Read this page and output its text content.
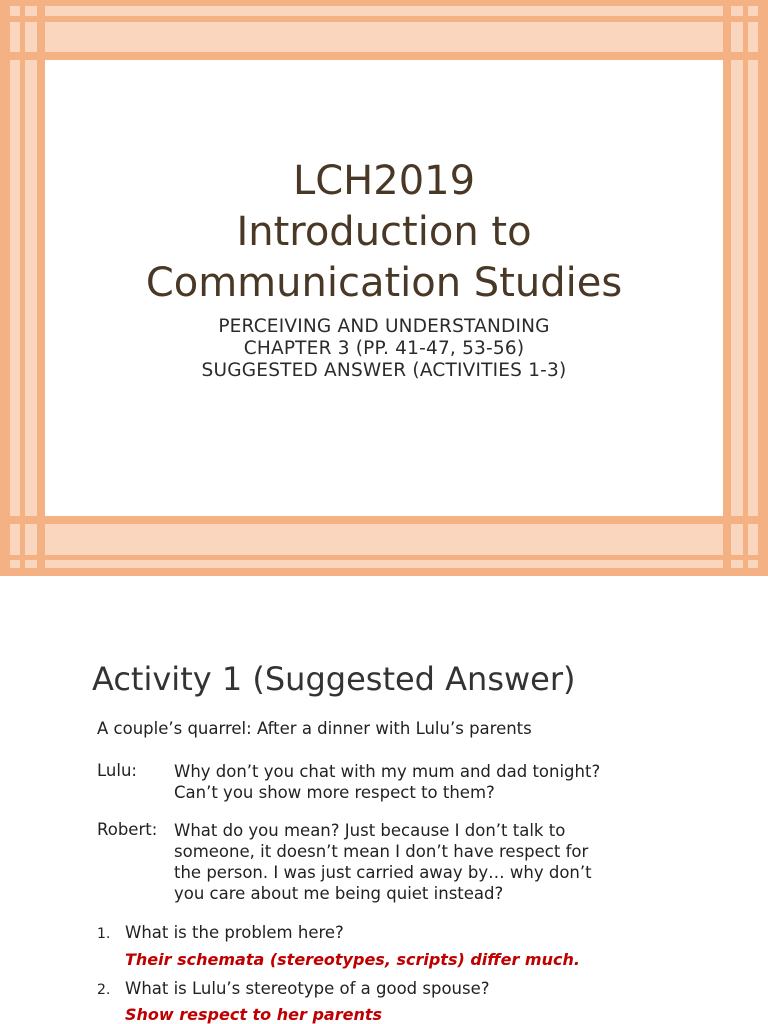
LCH2019
Introduction to
Communication Studies
PERCEIVING AND UNDERSTANDING
CHAPTER 3 (PP. 41-47, 53-56)
SUGGESTED ANSWER (ACTIVITIES 1-3)
Activity 1 (Suggested Answer)
A couple’s quarrel: After a dinner with Lulu’s parents
Lulu: Why don’t you chat with my mum and dad tonight?
Can’t you show more respect to them?
Robert: What do you mean? Just because I don’t talk to
someone, it doesn’t mean I don’t have respect for
the person. I was just carried away by… why don’t
you care about me being quiet instead?
1. What is the problem here?
Their schemata (stereotypes, scripts) differ much.
2. What is Lulu’s stereotype of a good spouse?
Show respect to her parents
